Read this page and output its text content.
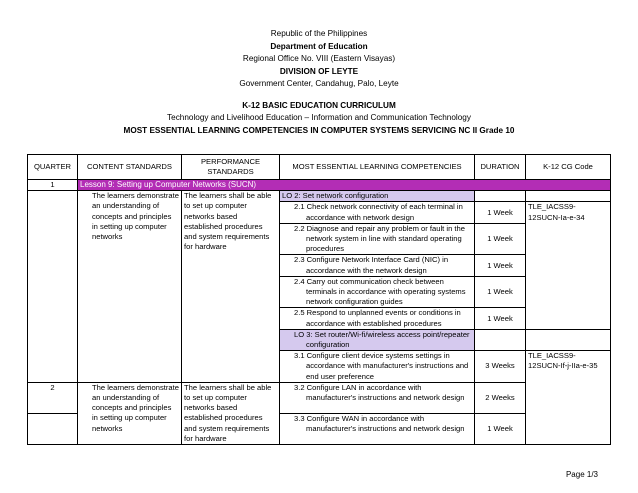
Republic of the Philippines
Department of Education
Regional Office No. VIII (Eastern Visayas)
DIVISION OF LEYTE
Government Center, Candahug, Palo, Leyte
K-12 BASIC EDUCATION CURRICULUM
Technology and Livelihood Education – Information and Communication Technology
MOST ESSENTIAL LEARNING COMPETENCIES IN COMPUTER SYSTEMS SERVICING NC II Grade 10
QUARTER	CONTENT STANDARDS	PERFORMANCE STANDARDS	MOST ESSENTIAL LEARNING COMPETENCIES	DURATION	K-12 CG Code
1	Lesson 9: Setting up Computer Networks (SUCN)				
	The learners demonstrate an understanding of concepts and principles in setting up computer networks	The learners shall be able to set up computer networks based established procedures and system requirements for hardware	LO 2: Set network configuration		
			2.1 Check network connectivity of each terminal in accordance with network design	1 Week	TLE_IACSS9-12SUCN-Ia-e-34
			2.2 Diagnose and repair any problem or fault in the network system in line with standard operating procedures	1 Week	
			2.3 Configure Network Interface Card (NIC) in accordance with the network design	1 Week	
			2.4 Carry out communication check between terminals in accordance with operating systems network configuration guides	1 Week	
			2.5 Respond to unplanned events or conditions in accordance with established procedures	1 Week	
			LO 3: Set router/Wi-fi/wireless access point/repeater configuration		
			3.1 Configure client device systems settings in accordance with manufacturer's instructions and end user preference	3 Weeks	TLE_IACSS9-12SUCN-If-j-IIa-e-35

2	The learners demonstrate an understanding of concepts and principles in setting up computer networks	The learners shall be able to set up computer networks based established procedures and system requirements for hardware	3.2 Configure LAN in accordance with manufacturer's instructions and network design	2 Weeks	
			3.3 Configure WAN in accordance with manufacturer's instructions and network design	1 Week	
Page 1/3
